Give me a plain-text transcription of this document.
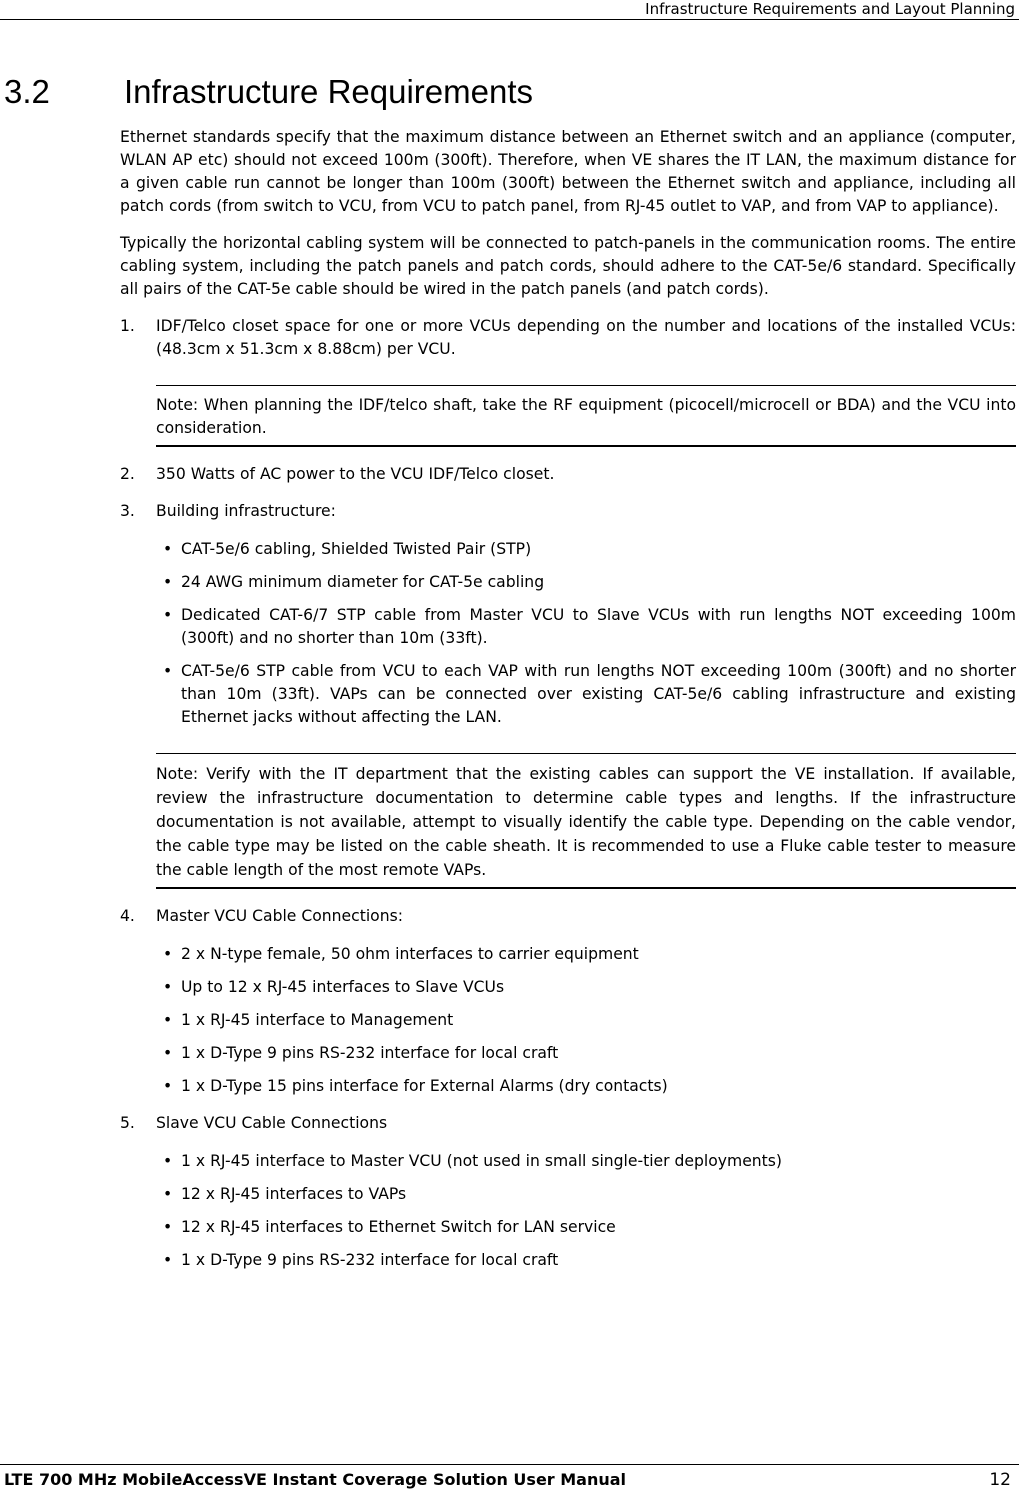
Infrastructure Requirements and Layout Planning
3.2 Infrastructure Requirements

Ethernet standards specify that the maximum distance between an Ethernet switch and an appliance (computer, WLAN AP etc) should not exceed 100m (300ft). Therefore, when VE shares the IT LAN, the maximum distance for a given cable run cannot be longer than 100m (300ft) between the Ethernet switch and appliance, including all patch cords (from switch to VCU, from VCU to patch panel, from RJ-45 outlet to VAP, and from VAP to appliance).

Typically the horizontal cabling system will be connected to patch-panels in the communication rooms. The entire cabling system, including the patch panels and patch cords, should adhere to the CAT-5e/6 standard. Specifically all pairs of the CAT-5e cable should be wired in the patch panels (and patch cords).

1. IDF/Telco closet space for one or more VCUs depending on the number and locations of the installed VCUs: (48.3cm x 51.3cm x 8.88cm) per VCU.
Note: When planning the IDF/telco shaft, take the RF equipment (picocell/microcell or BDA) and the VCU into consideration.
2. 350 Watts of AC power to the VCU IDF/Telco closet.
3. Building infrastructure:
• CAT-5e/6 cabling, Shielded Twisted Pair (STP)
• 24 AWG minimum diameter for CAT-5e cabling
• Dedicated CAT-6/7 STP cable from Master VCU to Slave VCUs with run lengths NOT exceeding 100m (300ft) and no shorter than 10m (33ft).
• CAT-5e/6 STP cable from VCU to each VAP with run lengths NOT exceeding 100m (300ft) and no shorter than 10m (33ft). VAPs can be connected over existing CAT-5e/6 cabling infrastructure and existing Ethernet jacks without affecting the LAN.
Note: Verify with the IT department that the existing cables can support the VE installation. If available, review the infrastructure documentation to determine cable types and lengths. If the infrastructure documentation is not available, attempt to visually identify the cable type. Depending on the cable vendor, the cable type may be listed on the cable sheath. It is recommended to use a Fluke cable tester to measure the cable length of the most remote VAPs.
4. Master VCU Cable Connections:
• 2 x N-type female, 50 ohm interfaces to carrier equipment
• Up to 12 x RJ-45 interfaces to Slave VCUs
• 1 x RJ-45 interface to Management
• 1 x D-Type 9 pins RS-232 interface for local craft
• 1 x D-Type 15 pins interface for External Alarms (dry contacts)
5. Slave VCU Cable Connections
• 1 x RJ-45 interface to Master VCU (not used in small single-tier deployments)
• 12 x RJ-45 interfaces to VAPs
• 12 x RJ-45 interfaces to Ethernet Switch for LAN service
• 1 x D-Type 9 pins RS-232 interface for local craft
LTE 700 MHz MobileAccessVE Instant Coverage Solution User Manual	12
